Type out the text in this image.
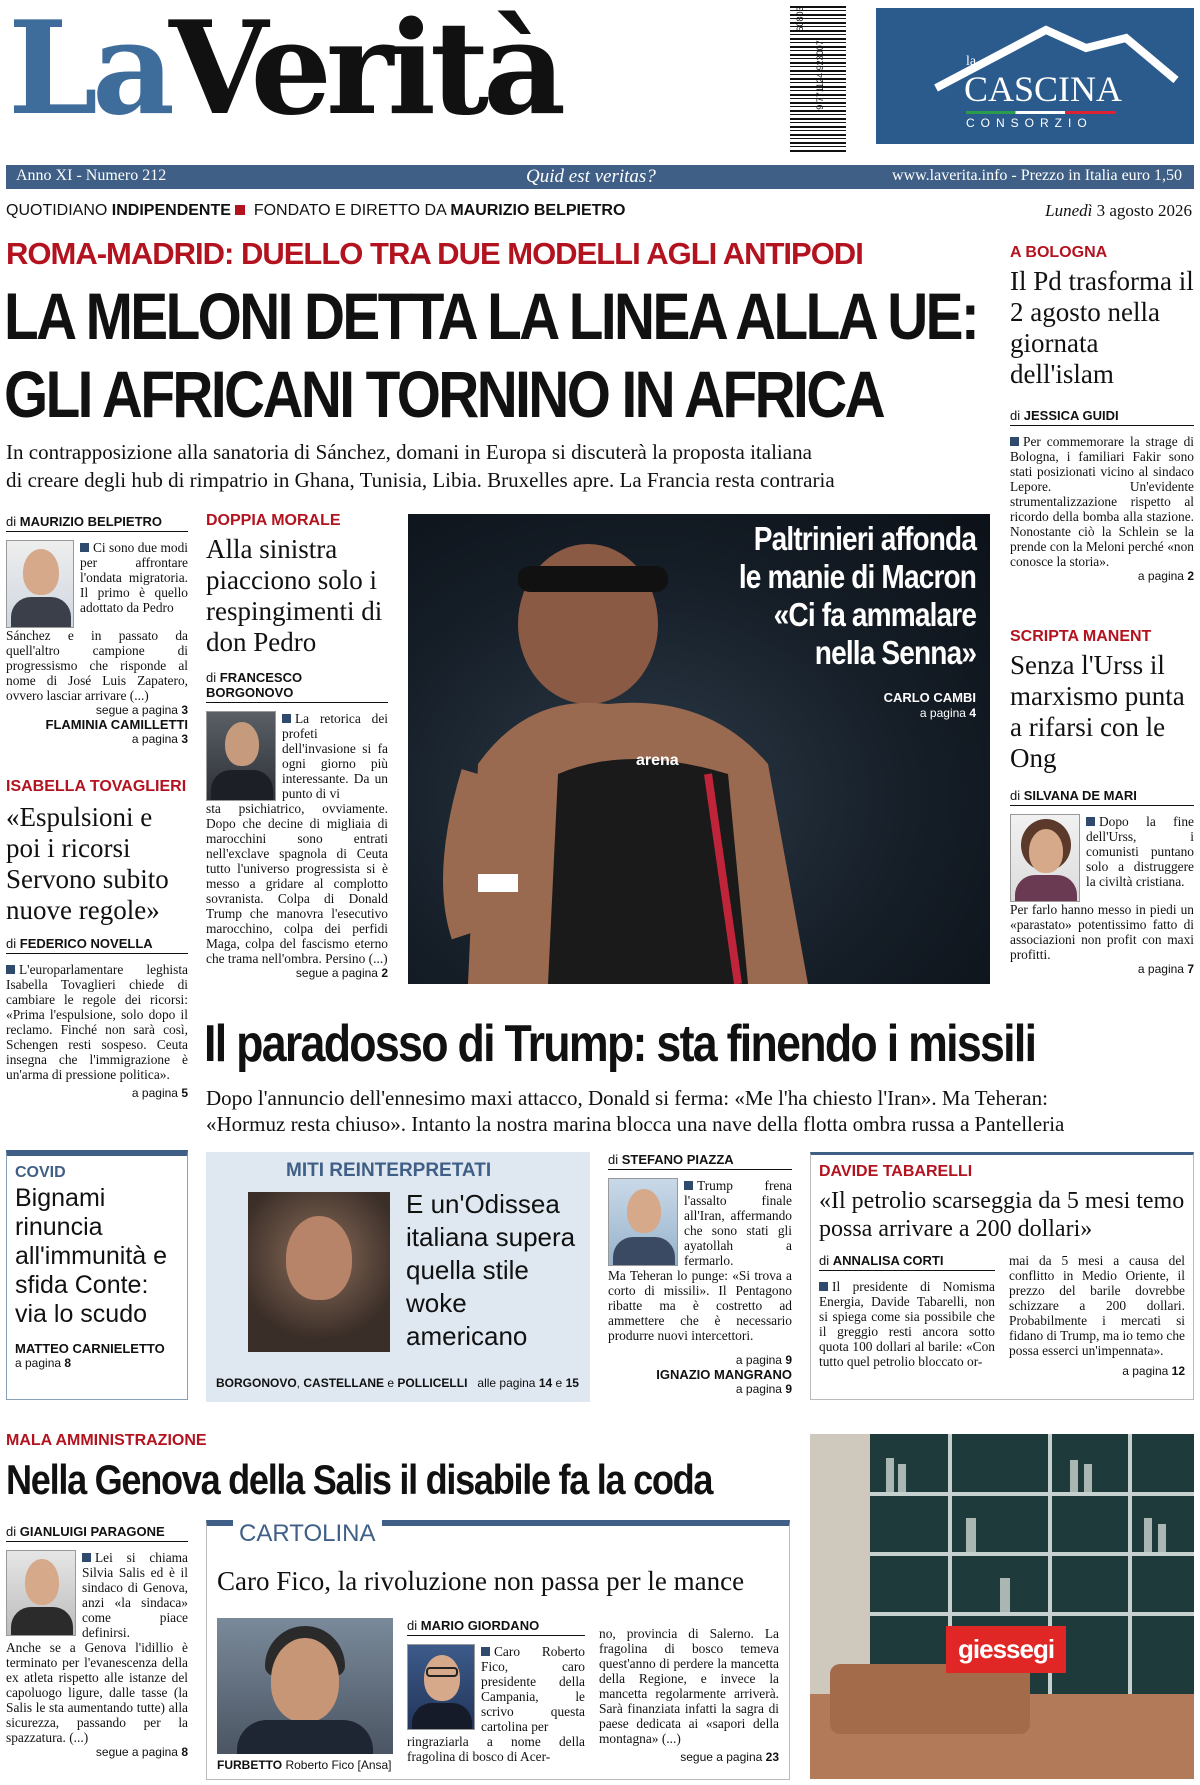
LaVerità	9 771124 923007
60803
la
CASCINA
CONSORZIO
Anno XI - Numero 212	Quid est veritas?	www.laverita.info - Prezzo in Italia euro 1,50
QUOTIDIANO INDIPENDENTE FONDATO E DIRETTO DA MAURIZIO BELPIETRO	Lunedì 3 agosto 2026
ROMA-MADRID: DUELLO TRA DUE MODELLI AGLI ANTIPODI
LA MELONI DETTA LA LINEA ALLA UE:
GLI AFRICANI TORNINO IN AFRICA
In contrapposizione alla sanatoria di Sánchez, domani in Europa si discuterà la proposta italiana
di creare degli hub di rimpatrio in Ghana, Tunisia, Libia. Bruxelles apre. La Francia resta contraria
di MAURIZIO BELPIETRO
Ci sono due modi per affrontare l'ondata migratoria. Il primo è quello adottato da Pedro
Sánchez e in passato da quell'altro campione di progressismo che risponde al nome di José Luis Zapatero, ovvero lasciar arrivare (...)
segue a pagina 3
FLAMINIA CAMILLETTI
a pagina 3
ISABELLA TOVAGLIERI
«Espulsioni e poi i ricorsi Servono subito nuove regole»
di FEDERICO NOVELLA
L'europarlamentare leghista Isabella Tovaglieri chiede di cambiare le regole dei ricorsi: «Prima l'espulsione, solo dopo il reclamo. Finché non sarà così, Schengen resti sospeso. Ceuta insegna che l'immigrazione è un'arma di pressione politica».
a pagina 5
DOPPIA MORALE
Alla sinistra piacciono solo i respingimenti di don Pedro
di FRANCESCO BORGONOVO
La retorica dei profeti dell'invasione si fa ogni giorno più interessante. Da un punto di vi
sta psichiatrico, ovviamente. Dopo che decine di migliaia di marocchini sono entrati nell'exclave spagnola di Ceuta tutto l'universo progressista si è messo a gridare al complotto sovranista. Colpa di Donald Trump che manovra l'esecutivo marocchino, colpa dei perfidi Maga, colpa del fascismo eterno che trama nell'ombra. Persino (...)
segue a pagina 2
arena
Paltrinieri affonda
le manie di Macron
«Ci fa ammalare
nella Senna»
CARLO CAMBI
a pagina 4
A BOLOGNA
Il Pd trasforma il 2 agosto nella giornata dell'islam
di JESSICA GUIDI
Per commemorare la strage di Bologna, i familiari Fakir sono stati posizionati vicino al sindaco Lepore. Un'evidente strumentalizzazione rispetto al ricordo della bomba alla stazione. Nonostante ciò la Schlein se la prende con la Meloni perché «non conosce la storia».
a pagina 2
SCRIPTA MANENT
Senza l'Urss il marxismo punta a rifarsi con le Ong
di SILVANA DE MARI
Dopo la fine dell'Urss, i comunisti puntano solo a distruggere la civiltà cristiana.
Per farlo hanno messo in piedi un «parastato» potentissimo fatto di associazioni non profit con maxi profitti.
a pagina 7
Il paradosso di Trump: sta finendo i missili
Dopo l'annuncio dell'ennesimo maxi attacco, Donald si ferma: «Me l'ha chiesto l'Iran». Ma Teheran:
«Hormuz resta chiuso». Intanto la nostra marina blocca una nave della flotta ombra russa a Pantelleria
COVID
Bignami rinuncia all'immunità e sfida Conte: via lo scudo
MATTEO CARNIELETTO
a pagina 8
MITI REINTERPRETATI
E un'Odissea italiana supera quella stile woke americano
BORGONOVO, CASTELLANE e POLLICELLI alle pagina 14 e 15
di STEFANO PIAZZA
Trump frena l'assalto finale all'Iran, affermando che sono stati gli ayatollah a fermarlo.
Ma Teheran lo punge: «Si trova a corto di missili». Il Pentagono ribatte ma è costretto ad ammettere che è necessario produrre nuovi intercettori.
a pagina 9
IGNAZIO MANGRANO
a pagina 9
DAVIDE TABARELLI
«Il petrolio scarseggia da 5 mesi temo possa arrivare a 200 dollari»
di ANNALISA CORTI
Il presidente di Nomisma Energia, Davide Tabarelli, non si spiega come sia possibile che il greggio resti ancora sotto quota 100 dollari al barile: «Con tutto quel petrolio bloccato or-
mai da 5 mesi a causa del conflitto in Medio Oriente, il prezzo del barile dovrebbe schizzare a 200 dollari. Probabilmente i mercati si fidano di Trump, ma io temo che possa esserci un'impennata».
a pagina 12
MALA AMMINISTRAZIONE
Nella Genova della Salis il disabile fa la coda
di GIANLUIGI PARAGONE
Lei si chiama Silvia Salis ed è il sindaco di Genova, anzi «la sindaca» come piace definirsi.
Anche se a Genova l'idillio è terminato per l'evanescenza della ex atleta rispetto alle istanze del capoluogo ligure, dalle tasse (la Salis le sta aumentando tutte) alla sicurezza, passando per la spazzatura. (...)
segue a pagina 8
CARTOLINA
Caro Fico, la rivoluzione non passa per le mance
FURBETTO Roberto Fico [Ansa]
di MARIO GIORDANO
Caro Roberto Fico, caro presidente della Campania, le scrivo questa cartolina per
ringraziarla a nome della fragolina di bosco di Acer-
no, provincia di Salerno. La fragolina di bosco temeva quest'anno di perdere la mancetta della Regione, e invece la mancetta regolarmente arriverà. Sarà finanziata infatti la sagra di paese dedicata ai «sapori della montagna» (...)
segue a pagina 23
giessegi
